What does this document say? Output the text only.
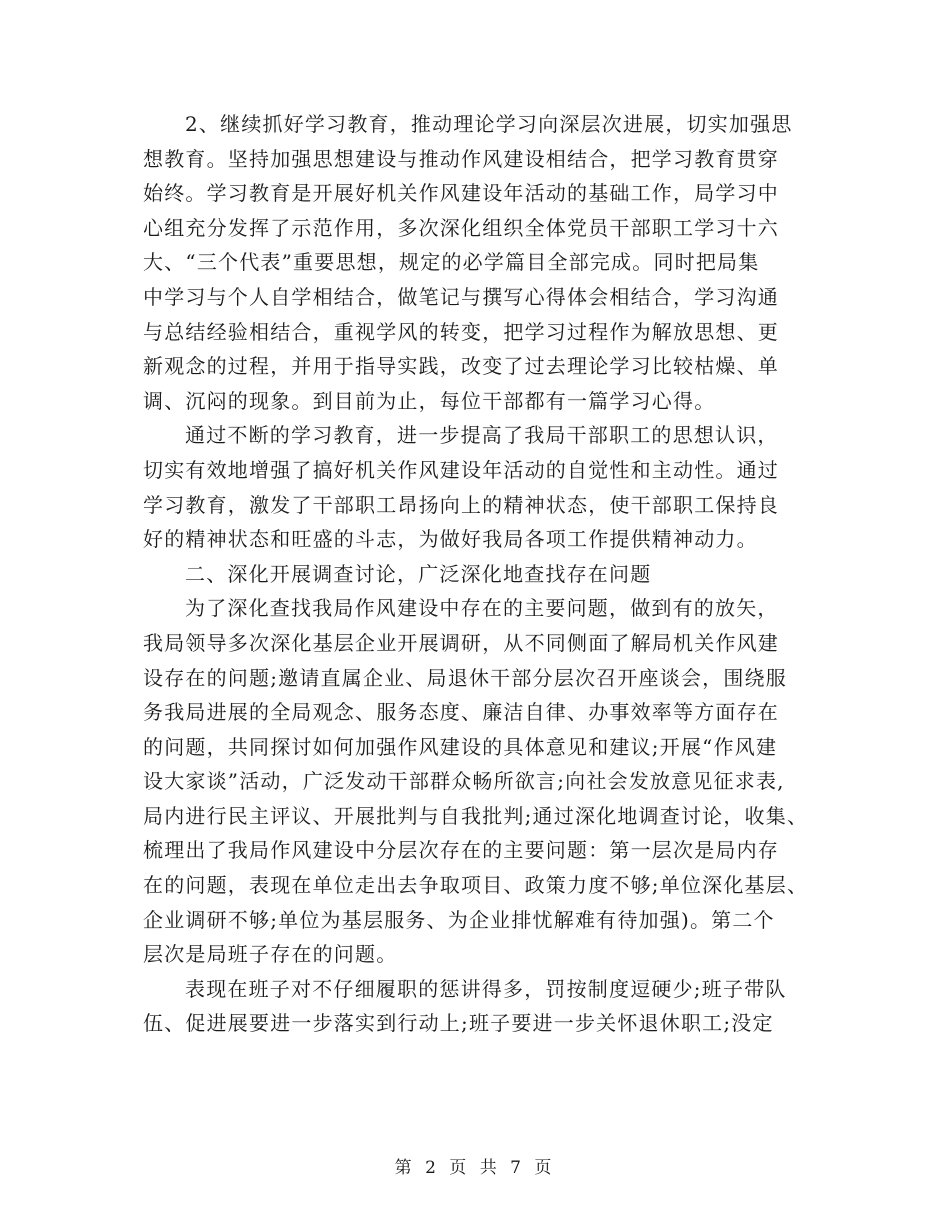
2、继续抓好学习教育，推动理论学习向深层次进展，切实加强思
想教育。坚持加强思想建设与推动作风建设相结合，把学习教育贯穿
始终。学习教育是开展好机关作风建设年活动的基础工作，局学习中
心组充分发挥了示范作用，多次深化组织全体党员干部职工学习十六
大、“三个代表”重要思想，规定的必学篇目全部完成。同时把局集
中学习与个人自学相结合，做笔记与撰写心得体会相结合，学习沟通
与总结经验相结合，重视学风的转变，把学习过程作为解放思想、更
新观念的过程，并用于指导实践，改变了过去理论学习比较枯燥、单
调、沉闷的现象。到目前为止，每位干部都有一篇学习心得。
通过不断的学习教育，进一步提高了我局干部职工的思想认识，
切实有效地增强了搞好机关作风建设年活动的自觉性和主动性。通过
学习教育，激发了干部职工昂扬向上的精神状态，使干部职工保持良
好的精神状态和旺盛的斗志，为做好我局各项工作提供精神动力。
二、深化开展调查讨论，广泛深化地查找存在问题
为了深化查找我局作风建设中存在的主要问题，做到有的放矢，
我局领导多次深化基层企业开展调研，从不同侧面了解局机关作风建
设存在的问题;邀请直属企业、局退休干部分层次召开座谈会，围绕服
务我局进展的全局观念、服务态度、廉洁自律、办事效率等方面存在
的问题，共同探讨如何加强作风建设的具体意见和建议;开展“作风建
设大家谈”活动，广泛发动干部群众畅所欲言;向社会发放意见征求表,
局内进行民主评议、开展批判与自我批判;通过深化地调查讨论，收集、
梳理出了我局作风建设中分层次存在的主要问题：第一层次是局内存
在的问题，表现在单位走出去争取项目、政策力度不够;单位深化基层、
企业调研不够;单位为基层服务、为企业排忧解难有待加强)。第二个
层次是局班子存在的问题。
表现在班子对不仔细履职的惩讲得多，罚按制度逗硬少;班子带队
伍、促进展要进一步落实到行动上;班子要进一步关怀退休职工;没定
第 2 页 共 7 页
